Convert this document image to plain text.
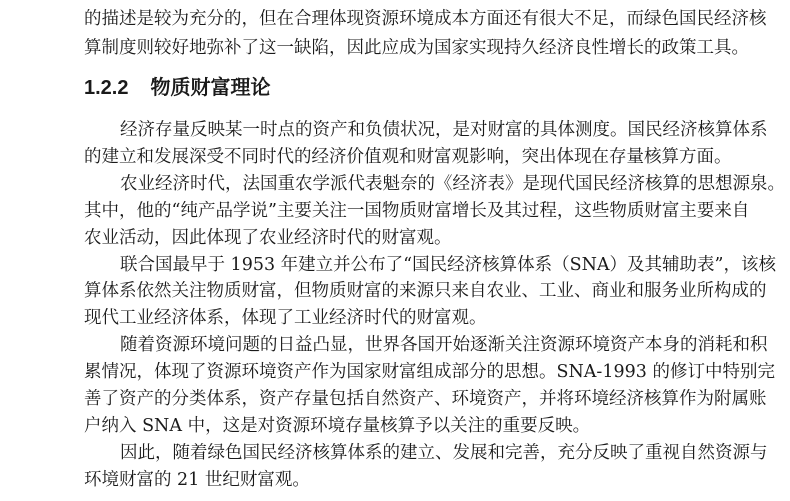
的描述是较为充分的，但在合理体现资源环境成本方面还有很大不足，而绿色国民经济核
算制度则较好地弥补了这一缺陷，因此应成为国家实现持久经济良性增长的政策工具。
1.2.2 物质财富理论
经济存量反映某一时点的资产和负债状况，是对财富的具体测度。国民经济核算体系
的建立和发展深受不同时代的经济价值观和财富观影响，突出体现在存量核算方面。
农业经济时代，法国重农学派代表魁奈的《经济表》是现代国民经济核算的思想源泉。
其中，他的“纯产品学说”主要关注一国物质财富增长及其过程，这些物质财富主要来自
农业活动，因此体现了农业经济时代的财富观。
联合国最早于 1953 年建立并公布了“国民经济核算体系（SNA）及其辅助表”，该核
算体系依然关注物质财富，但物质财富的来源只来自农业、工业、商业和服务业所构成的
现代工业经济体系，体现了工业经济时代的财富观。
随着资源环境问题的日益凸显，世界各国开始逐渐关注资源环境资产本身的消耗和积
累情况，体现了资源环境资产作为国家财富组成部分的思想。SNA-1993 的修订中特别完
善了资产的分类体系，资产存量包括自然资产、环境资产，并将环境经济核算作为附属账
户纳入 SNA 中，这是对资源环境存量核算予以关注的重要反映。
因此，随着绿色国民经济核算体系的建立、发展和完善，充分反映了重视自然资源与
环境财富的 21 世纪财富观。
